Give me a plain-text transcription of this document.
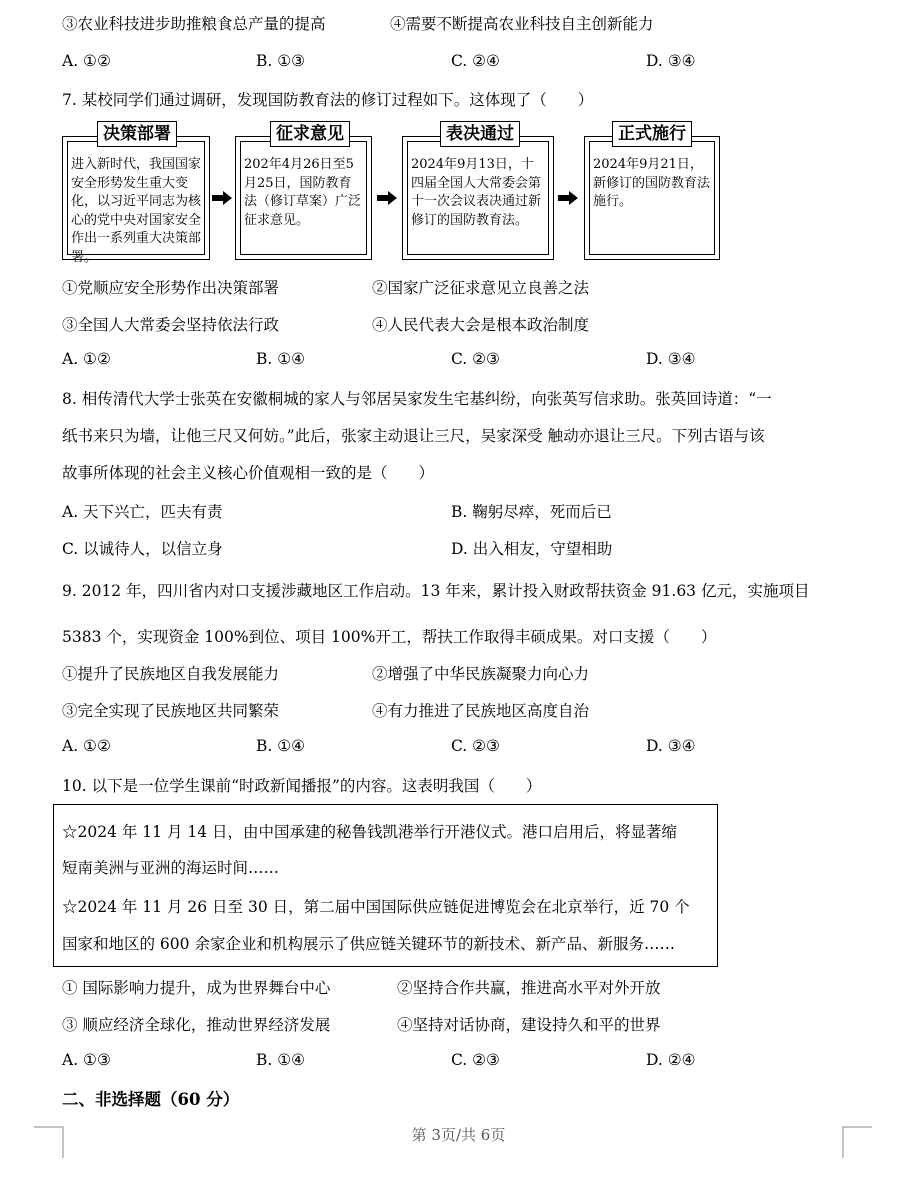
③农业科技进步助推粮食总产量的提高	④需要不断提高农业科技自主创新能力
A. ①②	B. ①③	C. ②④	D. ③④
7. 某校同学们通过调研，发现国防教育法的修订过程如下。这体现了（　　）
决策部署
进入新时代，我国国家安全形势发生重大变化，以习近平同志为核心的党中央对国家安全作出一系列重大决策部署。
征求意见
202年4月26日至5月25日，国防教育法（修订草案）广泛征求意见。
表决通过
2024年9月13日，十四届全国人大常委会第十一次会议表决通过新修订的国防教育法。
正式施行
2024年9月21日，新修订的国防教育法施行。
①党顺应安全形势作出决策部署	②国家广泛征求意见立良善之法
③全国人大常委会坚持依法行政	④人民代表大会是根本政治制度
A. ①②	B. ①④	C. ②③	D. ③④
8. 相传清代大学士张英在安徽桐城的家人与邻居吴家发生宅基纠纷，向张英写信求助。张英回诗道：“一
纸书来只为墙，让他三尺又何妨。”此后，张家主动退让三尺，吴家深受 触动亦退让三尺。下列古语与该
故事所体现的社会主义核心价值观相一致的是（　　）
A. 天下兴亡，匹夫有责	B. 鞠躬尽瘁，死而后已
C. 以诚待人，以信立身	D. 出入相友，守望相助
9. 2012 年，四川省内对口支援涉藏地区工作启动。13 年来，累计投入财政帮扶资金 91.63 亿元，实施项目
5383 个，实现资金 100%到位、项目 100%开工，帮扶工作取得丰硕成果。对口支援（　　）
①提升了民族地区自我发展能力	②增强了中华民族凝聚力向心力
③完全实现了民族地区共同繁荣	④有力推进了民族地区高度自治
A. ①②	B. ①④	C. ②③	D. ③④
10. 以下是一位学生课前“时政新闻播报”的内容。这表明我国（　　）
☆2024 年 11 月 14 日，由中国承建的秘鲁钱凯港举行开港仪式。港口启用后，将显著缩
短南美洲与亚洲的海运时间……
☆2024 年 11 月 26 日至 30 日，第二届中国国际供应链促进博览会在北京举行，近 70 个
国家和地区的 600 余家企业和机构展示了供应链关键环节的新技术、新产品、新服务……
① 国际影响力提升，成为世界舞台中心	②坚持合作共赢，推进高水平对外开放
③ 顺应经济全球化，推动世界经济发展	④坚持对话协商，建设持久和平的世界
A. ①③	B. ①④	C. ②③	D. ②④
二、非选择题（60 分）
第 3页/共 6页
